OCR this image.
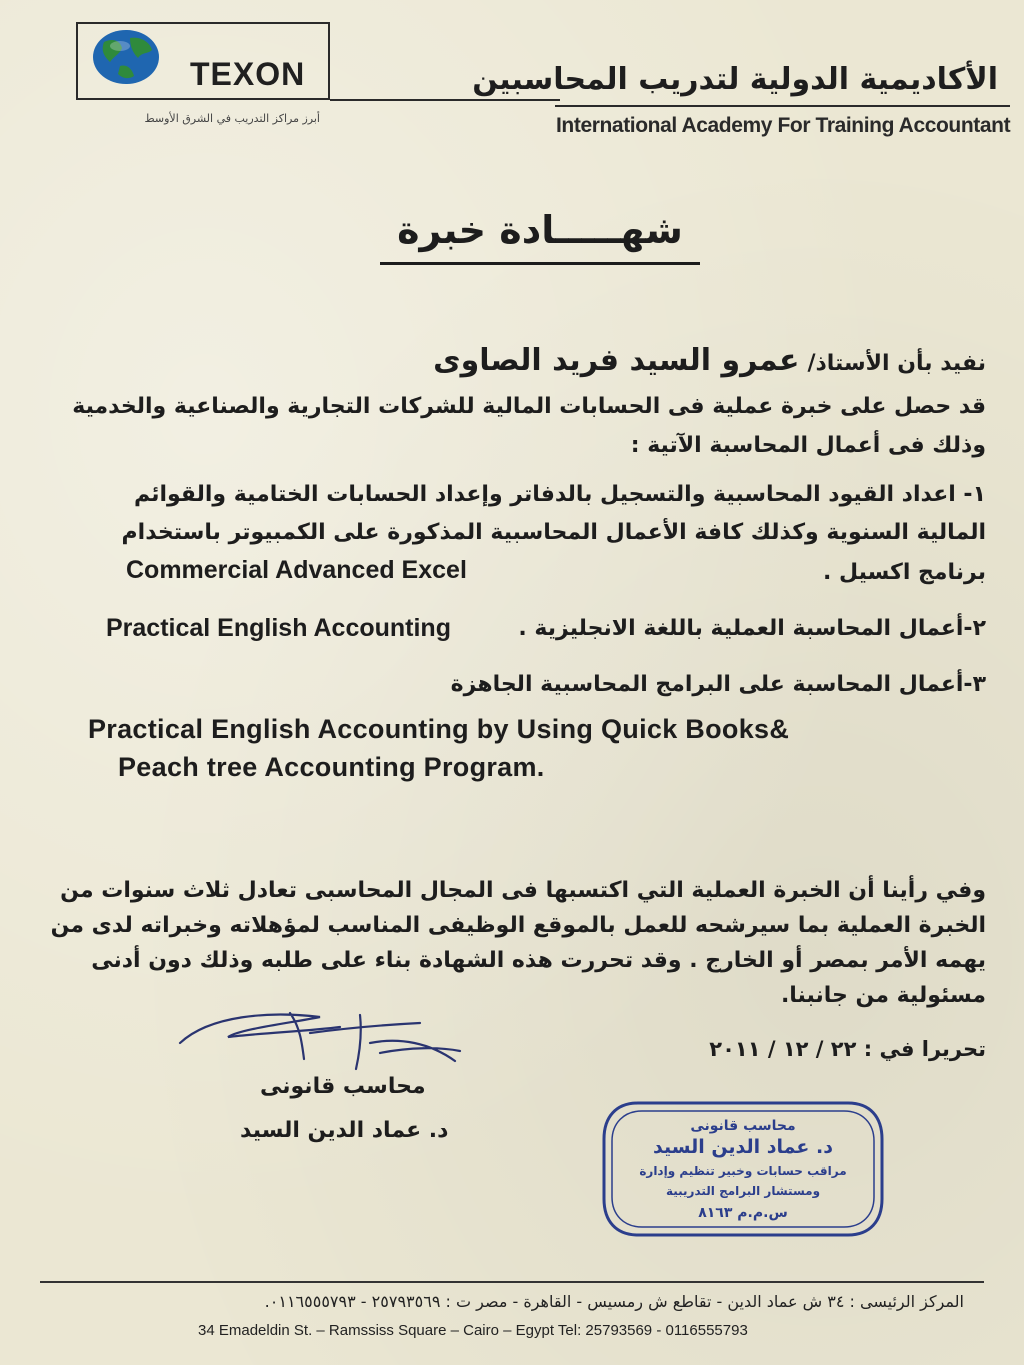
TEXON
أبرز مراكز التدريب في الشرق الأوسط
الأكاديمية الدولية لتدريب المحاسبين
International Academy For Training Accountant
شهـــــادة خبرة
نفيد بأن الأستاذ/عمرو السيد فريد الصاوى
قد حصل على خبرة عملية فى الحسابات المالية للشركات التجارية والصناعية والخدمية
وذلك فى أعمال المحاسبة الآتية :
١- اعداد القيود المحاسبية والتسجيل بالدفاتر وإعداد الحسابات الختامية والقوائم
المالية السنوية وكذلك كافة الأعمال المحاسبية المذكورة على الكمبيوتر باستخدام
برنامج اكسيل .
Commercial Advanced Excel
٢-أعمال المحاسبة العملية باللغة الانجليزية .
Practical English Accounting
٣-أعمال المحاسبة على البرامج المحاسبية الجاهزة
Practical English Accounting by Using Quick Books&
Peach tree Accounting Program.
وفي رأينا أن الخبرة العملية التي اكتسبها فى المجال المحاسبى تعادل ثلاث سنوات من
الخبرة العملية بما سيرشحه للعمل بالموقع الوظيفى المناسب لمؤهلاته وخبراته لدى من
يهمه الأمر بمصر أو الخارج . وقد تحررت هذه الشهادة بناء على طلبه وذلك دون أدنى
مسئولية من جانبنا.
تحريرا في : ٢٢ / ١٢ / ٢٠١١
محاسب قانونى
د. عماد الدين السيد	محاسب قانونى
د. عماد الدين السيد
مراقب حسابات وخبير تنظيم وإدارة
ومستشار البرامج التدريبية
س.م.م ٨١٦٣
المركز الرئيسى : ٣٤ ش عماد الدين - تقاطع ش رمسيس - القاهرة - مصر ت : ٢٥٧٩٣٥٦٩ - ٠١١٦٥٥٥٧٩٣.
34 Emadeldin St. – Ramssiss Square – Cairo – Egypt Tel: 25793569 - 0116555793
